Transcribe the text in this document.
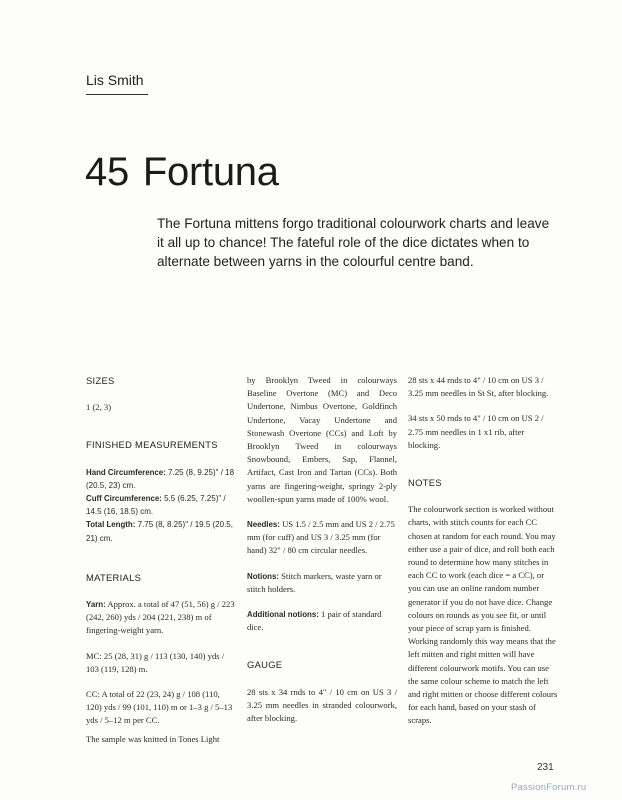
Lis Smith
45 Fortuna

The Fortuna mittens forgo traditional colourwork charts and leave it all up to chance! The fateful role of the dice dictates when to alternate between yarns in the colourful centre band.

SIZES
1 (2, 3)
FINISHED MEASUREMENTS
Hand Circumference: 7.25 (8, 9.25)" / 18 (20.5, 23) cm.
Cuff Circumference: 5.5 (6.25, 7.25)" / 14.5 (16, 18.5) cm.
Total Length: 7.75 (8, 8.25)" / 19.5 (20.5, 21) cm.
MATERIALS
Yarn: Approx. a total of 47 (51, 56) g / 223 (242, 260) yds / 204 (221, 238) m of fingering-weight yarn.
MC: 25 (28, 31) g / 113 (130, 140) yds / 103 (119, 128) m.
CC: A total of 22 (23, 24) g / 108 (110, 120) yds / 99 (101, 110) m or 1–3 g / 5–13 yds / 5–12 m per CC.
The sample was knitted in Tones Light
by Brooklyn Tweed in colourways Baseline Overtone (MC) and Deco Undertone, Nimbus Overtone, Goldfinch Undertone, Vacay Undertone and Stonewash Overtone (CCs) and Loft by Brooklyn Tweed in colourways Snowbound, Embers, Sap, Flannel, Artifact, Cast Iron and Tartan (CCs). Both yarns are fingering-weight, springy 2-ply woollen-spun yarns made of 100% wool.
Needles: US 1.5 / 2.5 mm and US 2 / 2.75 mm (for cuff) and US 3 / 3.25 mm (for hand) 32" / 80 cm circular needles.
Notions: Stitch markers, waste yarn or stitch holders.
Additional notions: 1 pair of standard dice.
GAUGE
28 sts x 34 rnds to 4" / 10 cm on US 3 / 3.25 mm needles in stranded colourwork, after blocking.
28 sts x 44 rnds to 4" / 10 cm on US 3 / 3.25 mm needles in St St, after blocking.
34 sts x 50 rnds to 4" / 10 cm on US 2 / 2.75 mm needles in 1 x1 rib, after blocking.
NOTES
The colourwork section is worked without charts, with stitch counts for each CC chosen at random for each round. You may either use a pair of dice, and roll both each round to determine how many stitches in each CC to work (each dice = a CC), or you can use an online random number generator if you do not have dice. Change colours on rounds as you see fit, or until your piece of scrap yarn is finished. Working randomly this way means that the left mitten and right mitten will have different colourwork motifs. You can use the same colour scheme to match the left and right mitten or choose different colours for each hand, based on your stash of scraps.
231
PassionForum.ru
